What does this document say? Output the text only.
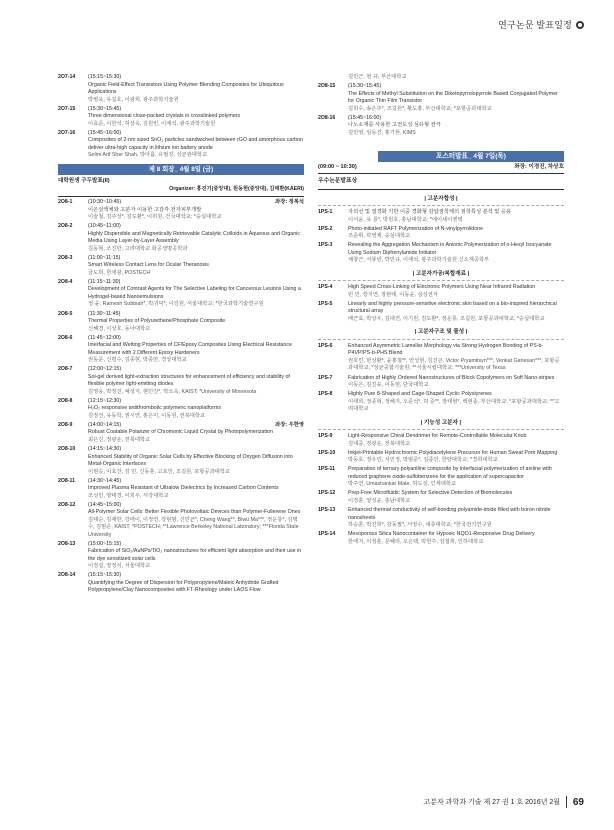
연구논문 발표일정
2O7-14	(15:15~15:30)
Organic Field-Effect Transistors Using Polymer Blending Composites for Ubiquitous Applications
박병욱, 유길호, 이광희, 광주과학기술원
2O7-15	(15:30~15:45)
Three dimensional close-packed crystals in crosslinked polymers
이효준, 이한석, 허상욱, 김원빈, 이재석, 광주과학기술원
2O7-16	(15:45~16:00)
Composites of 2-nm sized SnO₂ particles sandwiched between rGO and amorphous carbon deliver ultra-high capacity in lithium ion battery anode
Selim Arif Sher Shah, 박아름, 유필진, 성균관대학교
제 8 회장_ 4월 8일 (금)
대학원생 구두발표(II)
Organizer: 홍진기(중앙대), 원동현(중앙대), 김태환(KAERI)
2O8-1	(10:30~10:45)	좌장: 정복석
이온성액체와 고분자 이용한 고감각 전자피부개발
이슬철, 김주성*, 김도환*, 이희원, 건국대학교; *숭실대학교
2O8-2	(10:45~11:00)
Highly Dispersible and Magnetically Retrievable Catalytic Colloids in Aqueous and Organic Media Using Layer-by-Layer Assembly
김동혁, 조진한, 고려대학교 화공생명공학과
2O8-3	(11:00~11:15)
Smart Wireless Contact Lens for Ocular Theranosis
금도희, 한세광, POSTECH
2O8-4	(11:15~11:30)
Development of Contrast Agents for The Selective Labeling for Cancerous Lesions Using a Hydrogel-based Nanoemulsions
정 윤, Ramesh Subbiah*, 박귀덕*, 이강원, 서울대학교; *한국과학기술연구원
2O8-5	(11:30~11:45)
Thermal Properties of Polyurethane/Phosphate Composite
신혜경, 이상호, 동아대학교
2O8-6	(11:45~12:00)
Interfacial and Wetting Properties of CF/Epoxy Composites Using Electrical Resistance Measurement with 2 Different Epoxy Hardeners
권동준, 신평수, 김종현, 박종만, 경상대학교
2O8-7	(12:00~12:15)
Sol-gel derived light-extraction structures for enhancement of efficiency and stability of flexible polymer light-emitting diodes
김영웅, 박정진, 예성지, 현민진*, 박오옥, KAIST; *University of Minnesota
2O8-8	(12:15~12:30)
H₂O₂ responsive antithrombotic polymeric nanoplatforms
김정선, 유동학, 권시연, 홍은미, 이동원, 전북대학교
2O8-9	(14:00~14:15)	좌장: 우한영
Robust Coatable Polarizer of Chromonic Liquid Crystal by Photopolymerization
최은진, 정광운, 전북대학교
2O8-10	(14:15~14:30)
Enhanced Stability of Organic Solar Cells by Effective Blocking of Oxygen Diffusion into Metal-Organic Interfaces
이현승, 이효찬, 김 민, 신동훈, 고효민, 조길원, 포항공과대학교
2O8-11	(14:30~14:45)
Improved Plasma Resistant of Ultralow Dielectrics by Increased Carbon Contents
조성민, 양태경, 이희우, 서강대학교
2O8-12	(14:45~15:00)
All-Polymer Solar Cells: Better Flexible Photovoltaic Devices than Polymer-Fullerene Ones
김태순, 김재한, 강태이, 이정연, 강현범, 신민균*, Cheng Wang**, Biwu Ma***, 정운룡*, 김택수, 김범준, KAIST; *POSTECH; **Lawrence Berkeley National Laboratory; ***Florida State University
2O8-13	(15:00~15:15)
Fabrication of SiO₂/AuNPs/TiO₂ nanostructures for efficient light absorption and their use in the dye sensitized solar cells
이정섭, 장정식, 서울대학교
2O8-14	(15:15~15:30)
Quantifying the Degree of Dispersion for Polypropylene/Maleic Anhydride Grafted Polypropylene/Clay Nanocomposites with FT-Rheology under LAOS Flow
김민근, 현 규, 부산대학교
2O8-15	(15:30~15:45)
The Effects of Methyl Substitution on the Diketopyrrolopyrrole Based Conjugated Polymer for Organic Thin Film Transistor
김희수, 송은주*, 조길원*, 황도홍, 부산대학교; *포항공과대학교
2O8-16	(15:45~16:00)
나노소재를 사용한 고전도성 섬유형 전극
김민영, 임동진, 홍기현, KIMS
포스터발표_ 4월 7일(목)
(09:00 ~ 10:30)	좌장: 이경진, 차상호
우수논문발표상
| 고분자합성 |
1PS-1	자외선 및 열경화 기반 이중 경화형 감압점착제의 점착특성 분석 및 응용
이서윤, 유 룡*, 박원호, 충남대학교; *에이세이엔텍
1PS-2	Photo-initiated RAFT Polymerization of N-vinylpyrrolidone
조준휘, 곽영제, 숭실대학교
1PS-3	Revealing the Aggregation Mechanism in Anionic Polymerization of n-Hexyl Isocyanate Using Sodium Diphenylamide Initiator
채창근, 서봉빈, 박민규, 이재석, 광주과학기술원 신소재공학부
| 고분자가공/복합재료 |
1PS-4	High Speed Cross-Linking of Electronic Polymers Using Near Infrared Radiation
빈 민, 장지연, 장현태, 이동윤, 삼성전자
1PS-5	Linearly and highly pressure-sensitive electronic skin based on a bio-inspired hierarchical structural array
배근효, 박상우, 김대건, 이기원, 김도환*, 정운룡, 조길원, 포항공과대학교; *숭실대학교
| 고분자구조 및 물성 |
1PS-6	Enhanced Asymmetric Lamellar Morphology via Strong Hydrogen Bonding of PS-b-P4VP/PS-b-PHS Blend
권호린, 한성환*, 윤홍철**, 안성현, 김진곤, Victor Pryamitsyn***, Venkat Ganesan***, 포항공과대학교; *성균중합기술원; **서울시립대학교; ***University of Texas
1PS-7	Fabrication of Highly Ordered Nanostructures of Block Copolymers on Soft Nano-stripes
이동은, 김진웅, 이동현, 단국대학교
1PS-8	Highly Pure 8-Shaped and Cage-Shaped Cyclic Polystyrenes
이태희, 정종혁, 정해지, 오준석*, 허 준**, 장태현*, 백현종, 부산대학교; *포항공과대학교; **고려대학교
| 기능성 고분자 |
1PS-9	Light-Responsive Chiral Dendrimer for Remote-Controllable Molecular Knob
김대중, 정광운, 전북대학교
1PS-10	Inkjet-Printable Hydrochromic Polydiacetylene Precursor for Human Sweat Pore Mapping
박동호, 정우민, 서민정, 박범준*, 김종만, 한양대학교; *경희대학교
1PS-11	Preparation of ternary polyaniline composite by interfacial polymerization of aniline with reduced graphene oxide-sulfobenzene for the application of supercapacitor
박주연, Umashankar Male, 허도성, 인제대학교
1PS-12	Prep-Free Microfluidic System for Selective Detection of Biomolecules
이정훈, 양성윤, 충남대학교
1PS-13	Enhanced thermal conductivity of self-bonding polyamide-imide filled with boron nitride nanosheets
하승훈, 박진희*, 강동필*, 서영수, 세종대학교; *한국전기연구원
1PS-14	Mesoporous Silica Nanocontainer for Hypoxic NQO1-Responsive Drug Delivery
한에지, 이정훈, 문혜리, 오은택, 박헌주, 김철희, 인하대학교
고분자 과학과 기술 제 27 권 1 호 2016년 2월 69
